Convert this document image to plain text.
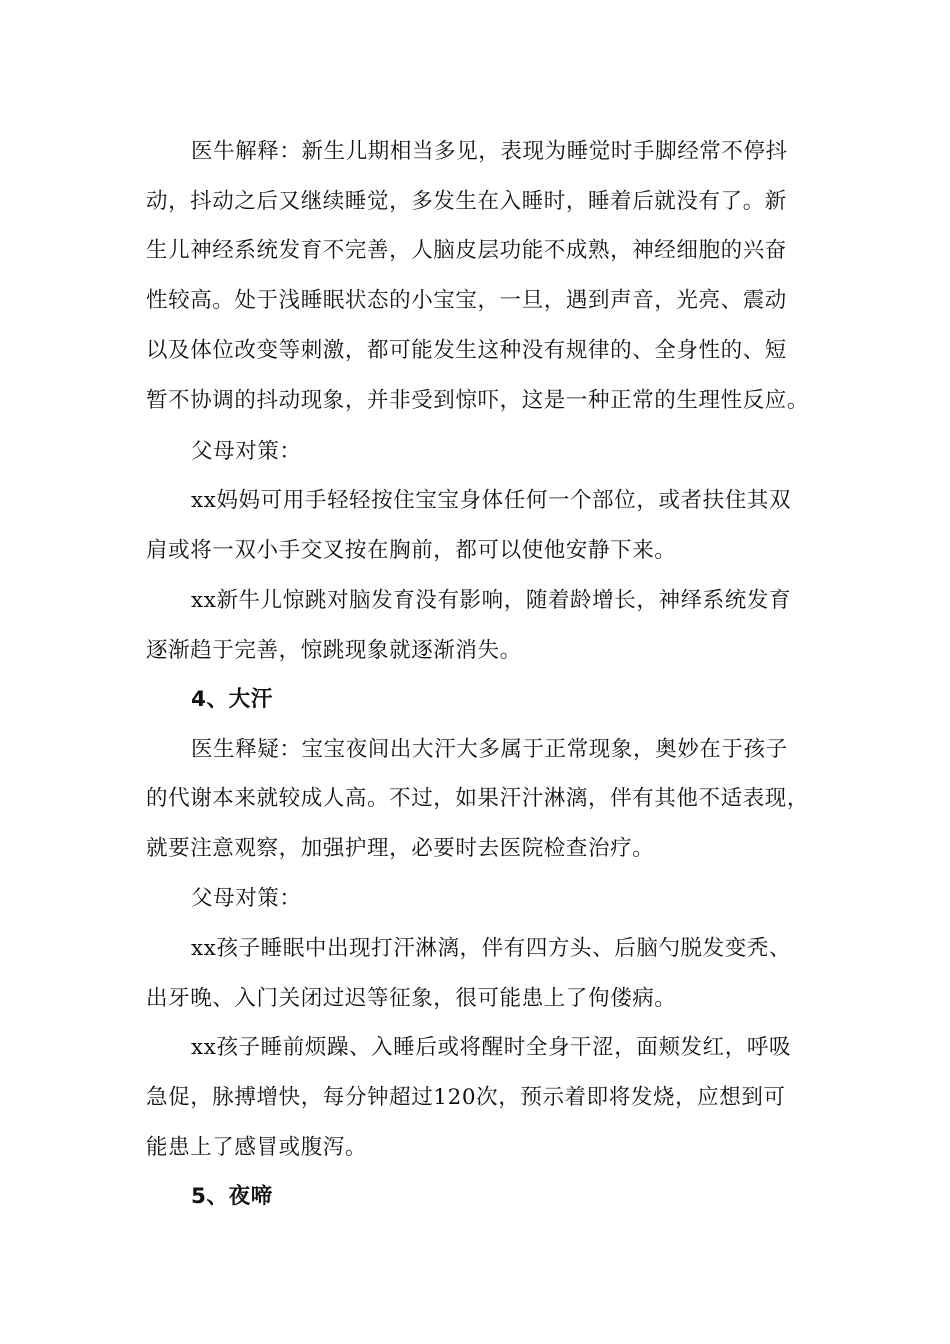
医牛解释：新生儿期相当多见，表现为睡觉时手脚经常不停抖
动，抖动之后又继续睡觉，多发生在入睡时，睡着后就没有了。新
生儿神经系统发育不完善，人脑皮层功能不成熟，神经细胞的兴奋
性较高。处于浅睡眠状态的小宝宝，一旦，遇到声音，光亮、震动
以及体位改变等刺激，都可能发生这种没有规律的、全身性的、短
暂不协调的抖动现象，并非受到惊吓，这是一种正常的生理性反应。
父母对策：
xx妈妈可用手轻轻按住宝宝身体任何一个部位，或者扶住其双
肩或将一双小手交叉按在胸前，都可以使他安静下来。
xx新牛儿惊跳对脑发育没有影响，随着龄增长，神绎系统发育
逐渐趋于完善，惊跳现象就逐渐消失。
4、大汗
医生释疑：宝宝夜间出大汗大多属于正常现象，奥妙在于孩子
的代谢本来就较成人高。不过，如果汗汁淋漓，伴有其他不适表现，
就要注意观察，加强护理，必要时去医院检查治疗。
父母对策：
xx孩子睡眠中出现打汗淋漓，伴有四方头、后脑勺脱发变秃、
出牙晚、入门关闭过迟等征象，很可能患上了佝偻病。
xx孩子睡前烦躁、入睡后或将醒时全身干涩，面颊发红，呼吸
急促，脉搏增快，每分钟超过120次，预示着即将发烧，应想到可
能患上了感冒或腹泻。
5、夜啼
